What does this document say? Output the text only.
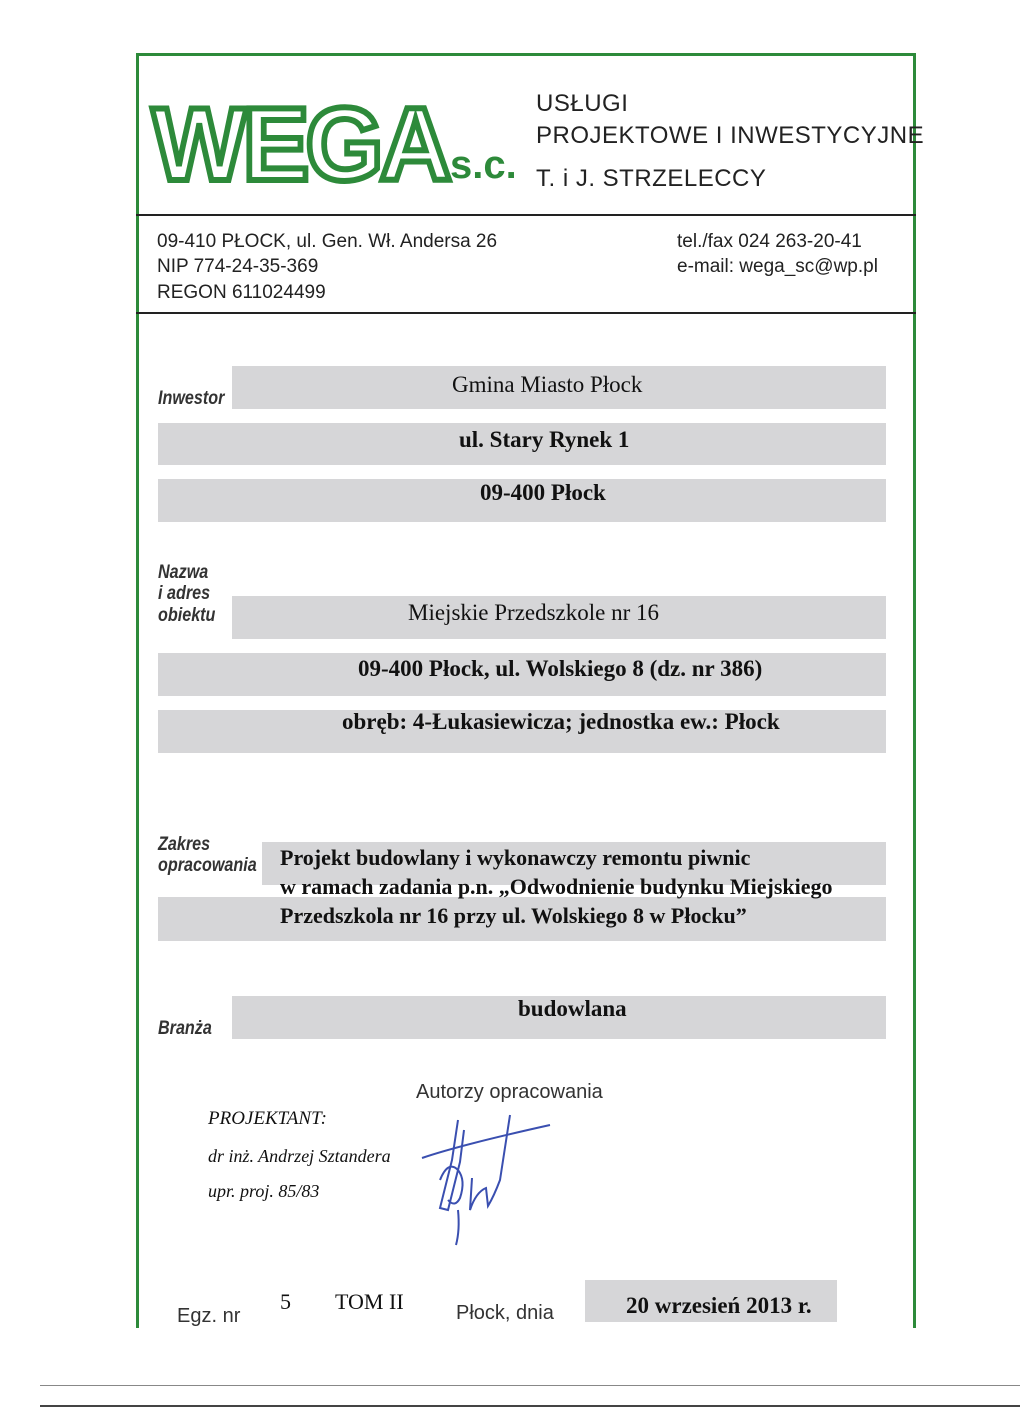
WEGA s.c.
USŁUGI
PROJEKTOWE I INWESTYCYJNE
T. i J. STRZELECCY
09-410 PŁOCK, ul. Gen. Wł. Andersa 26
NIP 774-24-35-369
REGON 611024499
tel./fax 024 263-20-41
e-mail: wega_sc@wp.pl
Inwestor
Gmina Miasto Płock
ul. Stary Rynek 1
09-400 Płock
Nazwa
i adres
obiektu	Miejskie Przedszkole nr 16
09-400 Płock, ul. Wolskiego 8 (dz. nr 386)
obręb: 4-Łukasiewicza; jednostka ew.: Płock
Zakres
opracowania Projekt budowlany i wykonawczy remontu piwnic
w ramach zadania p.n. „Odwodnienie budynku Miejskiego
Przedszkola nr 16 przy ul. Wolskiego 8 w Płocku”
Branża
budowlana
Autorzy opracowania
PROJEKTANT:
dr inż. Andrzej Sztandera
upr. proj. 85/83
Egz. nr
5 TOM II	Płock, dnia	20 wrzesień 2013 r.
